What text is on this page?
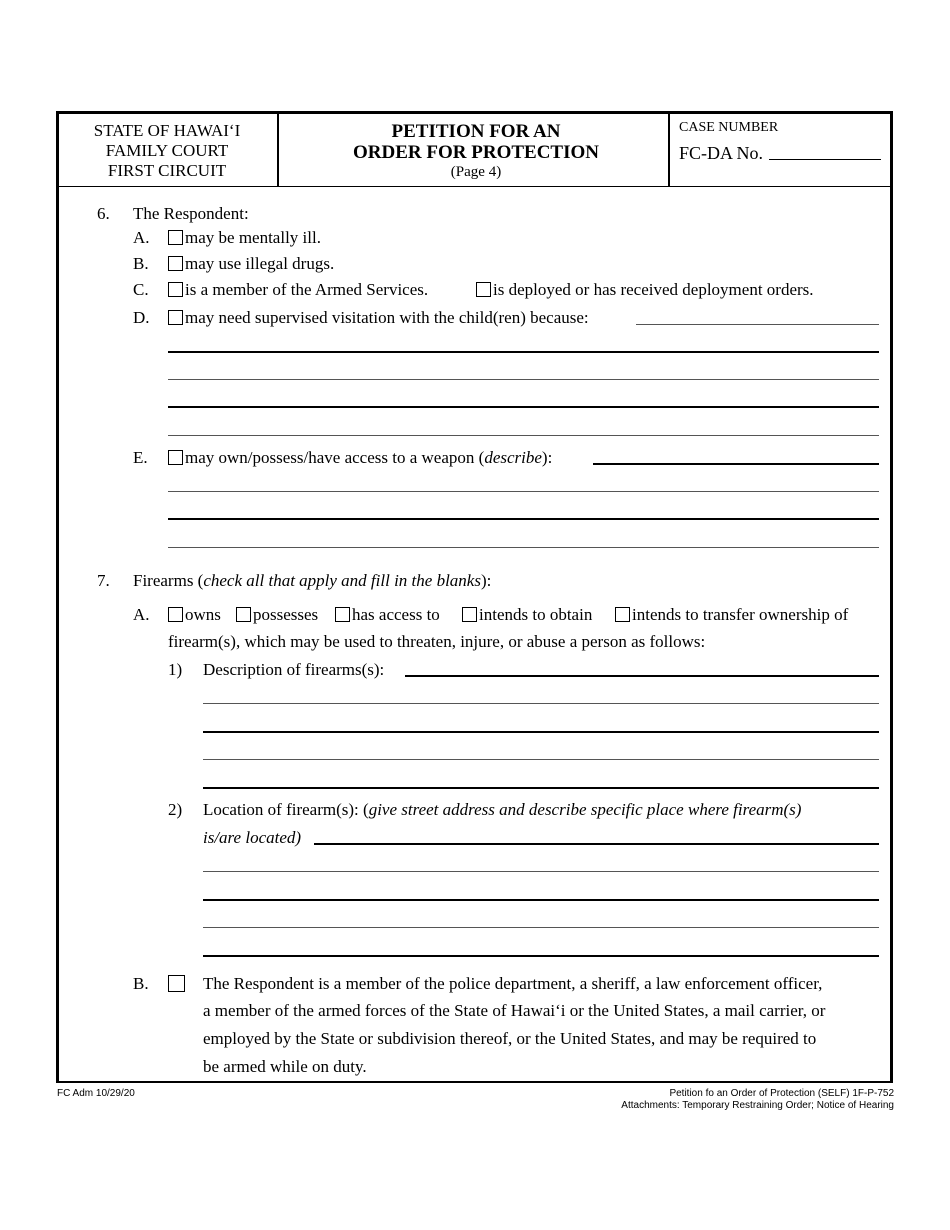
STATE OF HAWAI‘I
FAMILY COURT
FIRST CIRCUIT
PETITION FOR AN
ORDER FOR PROTECTION
(Page 4)
CASE NUMBER
FC-DA No.
6. The Respondent:
A.	may be mentally ill.
B.	may use illegal drugs.
C.	is a member of the Armed Services.	is deployed or has received deployment orders.
D.	may need supervised visitation with the child(ren) because:
E.	may own/possess/have access to a weapon (describe):
7. Firearms (check all that apply and fill in the blanks):
A.	owns	possesses	has access to	intends to obtain	intends to transfer ownership of
firearm(s), which may be used to threaten, injure, or abuse a person as follows:
1) Description of firearms(s):
2) Location of firearm(s): (give street address and describe specific place where firearm(s)
is/are located)
B.	The Respondent is a member of the police department, a sheriff, a law enforcement officer,
a member of the armed forces of the State of Hawai‘i or the United States, a mail carrier, or
employed by the State or subdivision thereof, or the United States, and may be required to
be armed while on duty.
FC Adm 10/29/20	Petition fo an Order of Protection (SELF) 1F-P-752
Attachments: Temporary Restraining Order; Notice of Hearing
